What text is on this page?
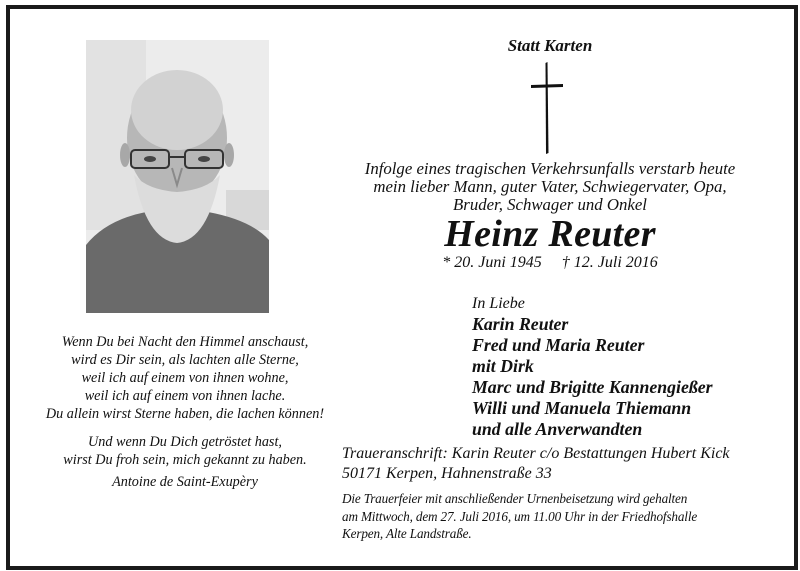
Wenn Du bei Nacht den Himmel anschaust,
wird es Dir sein, als lachten alle Sterne,
weil ich auf einem von ihnen wohne,
weil ich auf einem von ihnen lache.
Du allein wirst Sterne haben, die lachen können!
Und wenn Du Dich getröstet hast,
wirst Du froh sein, mich gekannt zu haben.
Antoine de Saint-Exupèry
Statt Karten
Infolge eines tragischen Verkehrsunfalls verstarb heute
mein lieber Mann, guter Vater, Schwiegervater, Opa,
Bruder, Schwager und Onkel
Heinz Reuter
* 20. Juni 1945 † 12. Juli 2016
In Liebe
Karin Reuter
Fred und Maria Reuter
mit Dirk
Marc und Brigitte Kannengießer
Willi und Manuela Thiemann
und alle Anverwandten
Traueranschrift: Karin Reuter c/o Bestattungen Hubert Kick
50171 Kerpen, Hahnenstraße 33
Die Trauerfeier mit anschließender Urnenbeisetzung wird gehalten
am Mittwoch, dem 27. Juli 2016, um 11.00 Uhr in der Friedhofshalle
Kerpen, Alte Landstraße.
